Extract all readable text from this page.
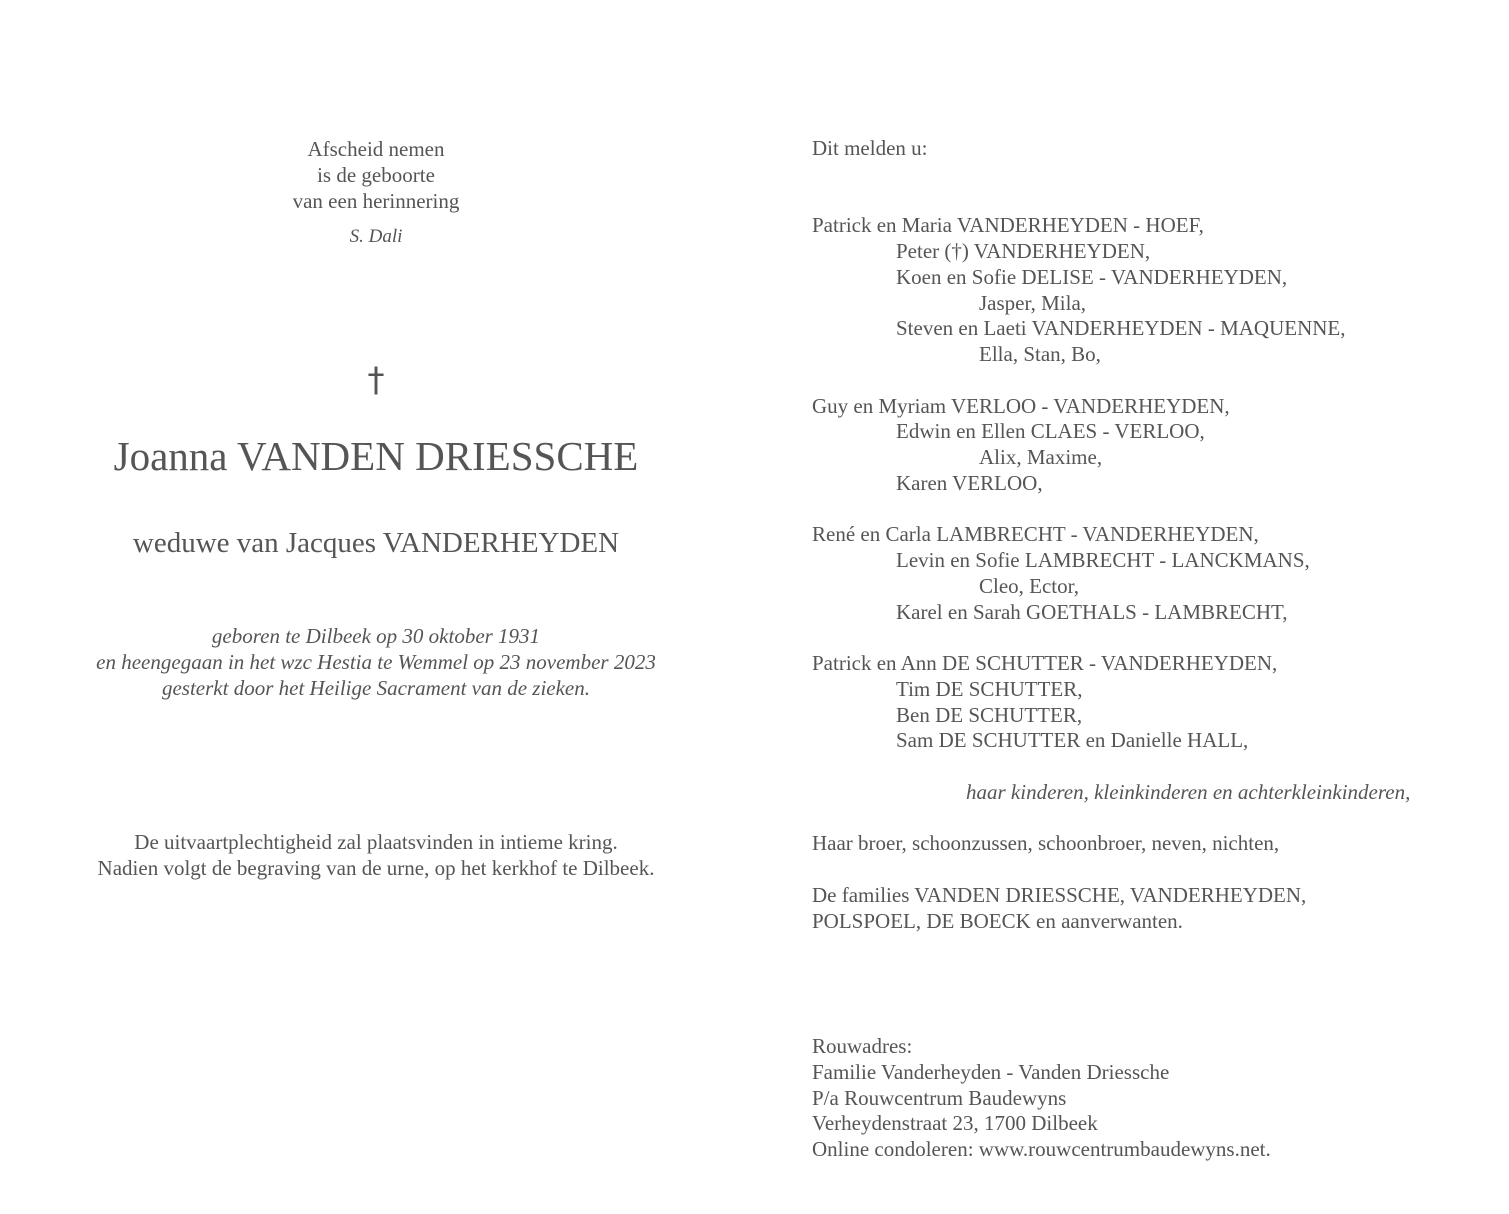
Afscheid nemen
is de geboorte
van een herinnering
S. Dali
†
Joanna VANDEN DRIESSCHE
weduwe van Jacques VANDERHEYDEN
geboren te Dilbeek op 30 oktober 1931
en heengegaan in het wzc Hestia te Wemmel op 23 november 2023
gesterkt door het Heilige Sacrament van de zieken.
De uitvaartplechtigheid zal plaatsvinden in intieme kring.
Nadien volgt de begraving van de urne, op het kerkhof te Dilbeek.
Dit melden u:
Patrick en Maria VANDERHEYDEN - HOEF,
Peter (†) VANDERHEYDEN,
Koen en Sofie DELISE - VANDERHEYDEN,
Jasper, Mila,
Steven en Laeti VANDERHEYDEN - MAQUENNE,
Ella, Stan, Bo,
Guy en Myriam VERLOO - VANDERHEYDEN,
Edwin en Ellen CLAES - VERLOO,
Alix, Maxime,
Karen VERLOO,
René en Carla LAMBRECHT - VANDERHEYDEN,
Levin en Sofie LAMBRECHT - LANCKMANS,
Cleo, Ector,
Karel en Sarah GOETHALS - LAMBRECHT,
Patrick en Ann DE SCHUTTER - VANDERHEYDEN,
Tim DE SCHUTTER,
Ben DE SCHUTTER,
Sam DE SCHUTTER en Danielle HALL,
haar kinderen, kleinkinderen en achterkleinkinderen,
Haar broer, schoonzussen, schoonbroer, neven, nichten,
De families VANDEN DRIESSCHE, VANDERHEYDEN,
POLSPOEL, DE BOECK en aanverwanten.
Rouwadres:
Familie Vanderheyden - Vanden Driessche
P/a Rouwcentrum Baudewyns
Verheydenstraat 23, 1700 Dilbeek
Online condoleren: www.rouwcentrumbaudewyns.net.
